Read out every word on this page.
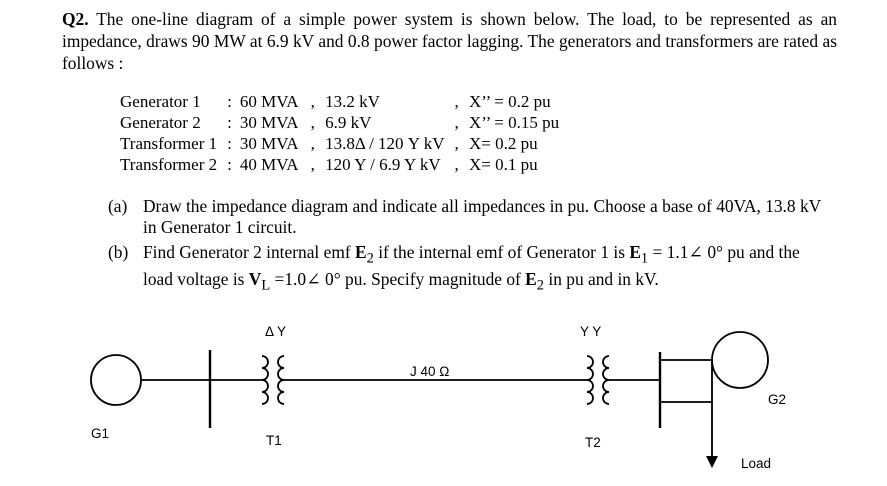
Q2. The one-line diagram of a simple power system is shown below. The load, to be represented as an impedance, draws 90 MW at 6.9 kV and 0.8 power factor lagging. The generators and transformers are rated as follows :
Generator 1	:	60 MVA	, 13.2 kV	, X’’ = 0.2 pu
Generator 2	:	30 MVA	, 6.9 kV	, X’’ = 0.15 pu
Transformer 1	:	30 MVA	, 13.8Δ / 120 Y kV	, X= 0.2 pu
Transformer 2	:	40 MVA	, 120 Y / 6.9 Y kV	, X= 0.1 pu
(a) Draw the impedance diagram and indicate all impedances in pu. Choose a base of 40VA, 13.8 kV in Generator 1 circuit.
(b) Find Generator 2 internal emf $E_2$ if the internal emf of Generator 1 is $E_1$ = 1.1∠ 0° pu and the load voltage is $V_L$ =1.0∠ 0° pu. Specify magnitude of $E_2$ in pu and in kV.
G1
Δ Y
T1
J 40 Ω
Y Y
T2
G2
Load
